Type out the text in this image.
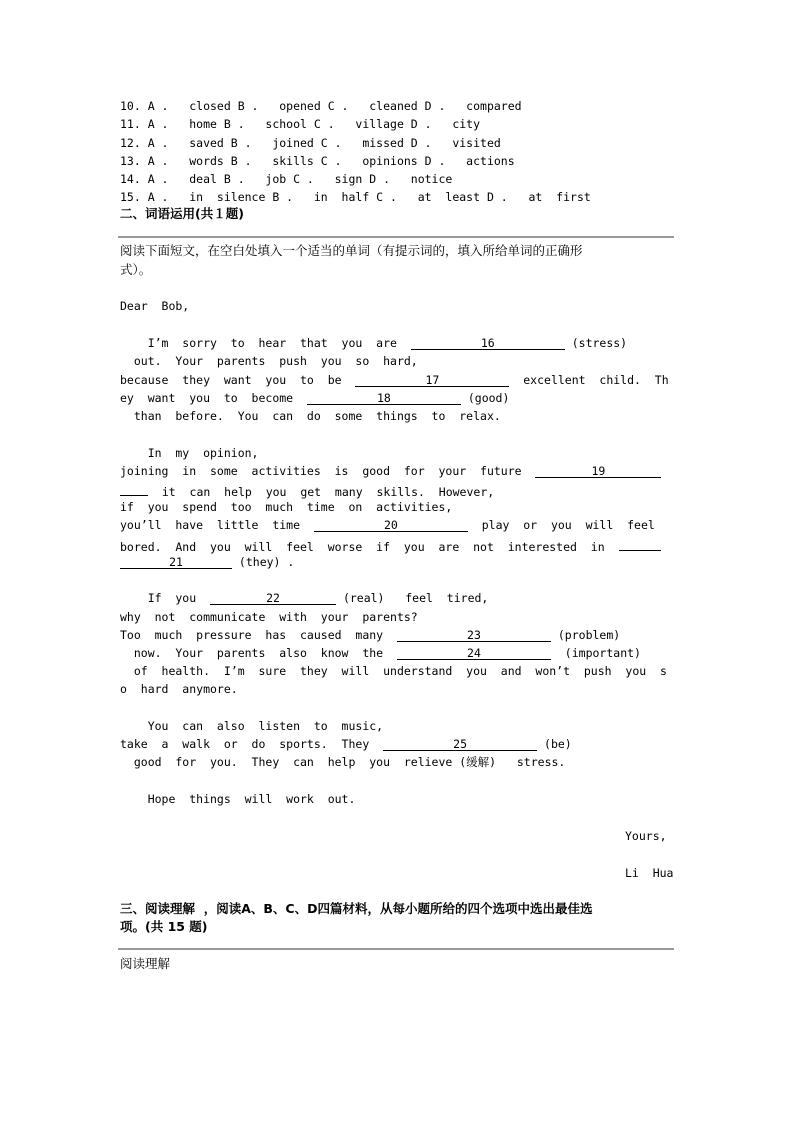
10. A .   closed B .   opened C .   cleaned D .   compared
11. A .   home B .   school C .   village D .   city
12. A .   saved B .   joined C .   missed D .   visited
13. A .   words B .   skills C .   opinions D .   actions
14. A .   deal B .   job C .   sign D .   notice
15. A .   in  silence B .   in  half C .   at  least D .   at  first
二、词语运用(共１题)
阅读下面短文，在空白处填入一个适当的单词（有提示词的，填入所给单词的正确形
式）。
Dear  Bob,
I’m  sorry  to  hear  that  you  are	16	(stress)
out.  Your  parents  push  you  so  hard,
because  they  want  you  to  be	17	excellent  child.  Th
ey  want  you  to  become	18	(good)
than  before.  You  can  do  some  things  to  relax.
In  my  opinion,
joining  in  some  activities  is  good  for  your  future	19
it  can  help  you  get  many  skills.  However,
if  you  spend  too  much  time  on  activities,
you’ll  have  little  time	20	play  or  you  will  feel
bored.  And  you  will  feel  worse  if  you  are  not  interested  in
21	(they) .
If  you	22	(real)   feel  tired,
why  not  communicate  with  your  parents?
Too  much  pressure  has  caused  many	23	(problem)
now.  Your  parents  also  know  the	24	(important)
of  health.  I’m  sure  they  will  understand  you  and  won’t  push  you  s
o  hard  anymore.
You  can  also  listen  to  music,
take  a  walk  or  do  sports.  They	25	(be)
good  for  you.  They  can  help  you  relieve (缓解)   stress.
Hope  things  will  work  out.
Yours,
Li  Hua
三、阅读理解  ，阅读A、B、C、D四篇材料，从每小题所给的四个选项中选出最佳选
项。(共 15 题)
阅读理解
